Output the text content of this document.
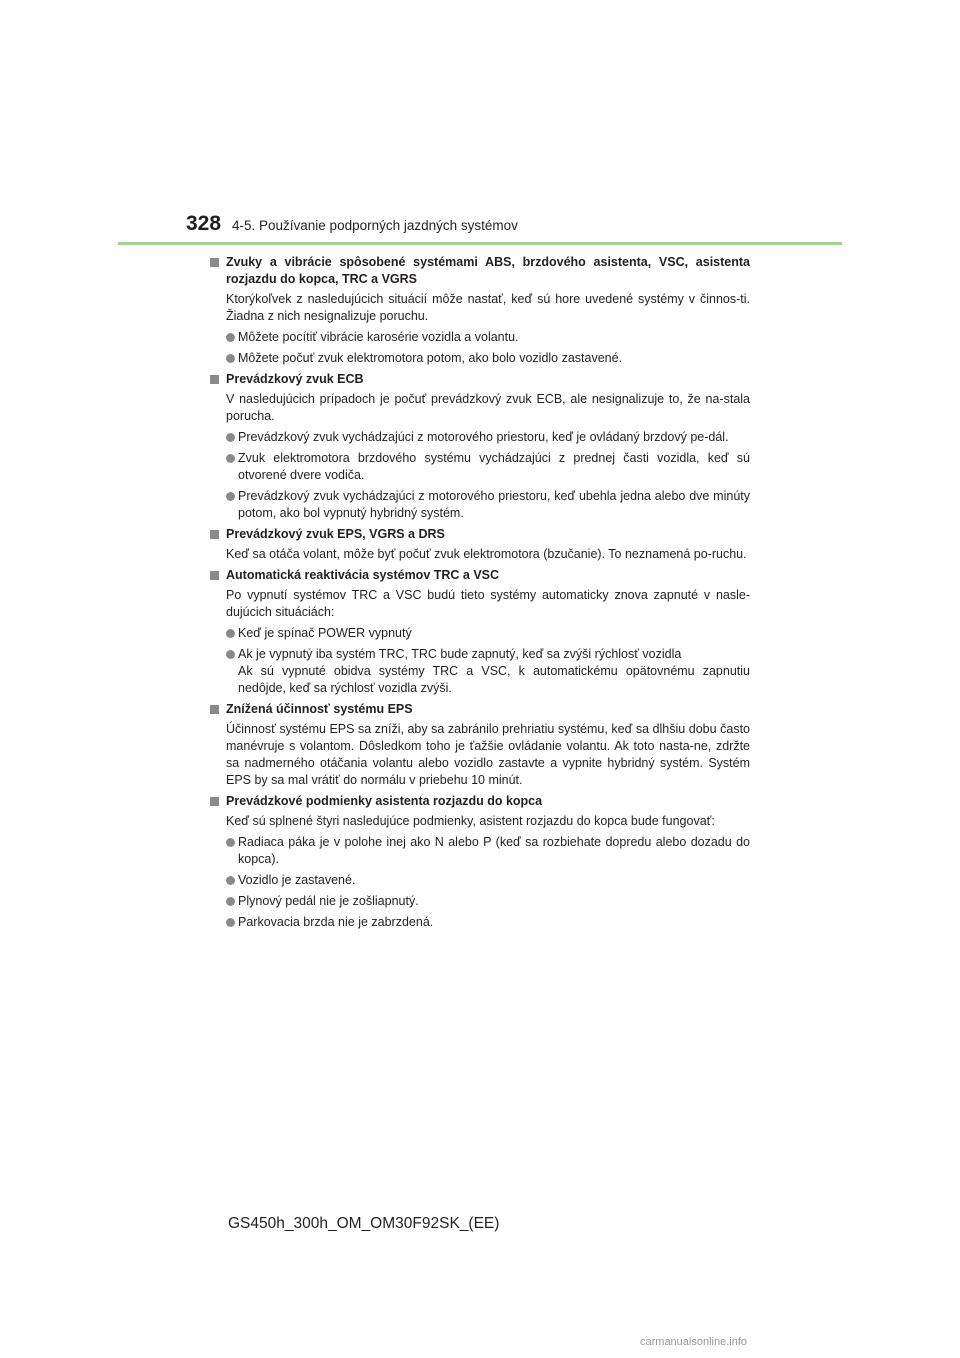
328 4-5. Používanie podporných jazdných systémov
Zvuky a vibrácie spôsobené systémami ABS, brzdového asistenta, VSC, asistenta rozjazdu do kopca, TRC a VGRS
Ktorýkoľvek z nasledujúcich situácií môže nastať, keď sú hore uvedené systémy v činnos-ti. Žiadna z nich nesignalizuje poruchu.
Môžete pocítiť vibrácie karosérie vozidla a volantu.
Môžete počuť zvuk elektromotora potom, ako bolo vozidlo zastavené.
Prevádzkový zvuk ECB
V nasledujúcich prípadoch je počuť prevádzkový zvuk ECB, ale nesignalizuje to, že na-stala porucha.
Prevádzkový zvuk vychádzajúci z motorového priestoru, keď je ovládaný brzdový pe-dál.
Zvuk elektromotora brzdového systému vychádzajúci z prednej časti vozidla, keď sú otvorené dvere vodiča.
Prevádzkový zvuk vychádzajúci z motorového priestoru, keď ubehla jedna alebo dve minúty potom, ako bol vypnutý hybridný systém.
Prevádzkový zvuk EPS, VGRS a DRS
Keď sa otáča volant, môže byť počuť zvuk elektromotora (bzučanie). To neznamená po-ruchu.
Automatická reaktivácia systémov TRC a VSC
Po vypnutí systémov TRC a VSC budú tieto systémy automaticky znova zapnuté v nasle-dujúcich situáciách:
Keď je spínač POWER vypnutý
Ak je vypnutý iba systém TRC, TRC bude zapnutý, keď sa zvýši rýchlosť vozidla
Ak sú vypnuté obidva systémy TRC a VSC, k automatickému opätovnému zapnutiu nedôjde, keď sa rýchlosť vozidla zvýši.
Znížená účinnosť systému EPS
Účinnosť systému EPS sa zníži, aby sa zabránilo prehriatiu systému, keď sa dlhšiu dobu často manévruje s volantom. Dôsledkom toho je ťažšie ovládanie volantu. Ak toto nasta-ne, zdržte sa nadmerného otáčania volantu alebo vozidlo zastavte a vypnite hybridný systém. Systém EPS by sa mal vrátiť do normálu v priebehu 10 minút.
Prevádzkové podmienky asistenta rozjazdu do kopca
Keď sú splnené štyri nasledujúce podmienky, asistent rozjazdu do kopca bude fungovať:
Radiaca páka je v polohe inej ako N alebo P (keď sa rozbiehate dopredu alebo dozadu do kopca).
Vozidlo je zastavené.
Plynový pedál nie je zošliapnutý.
Parkovacia brzda nie je zabrzdená.
GS450h_300h_OM_OM30F92SK_(EE)
carmanualsonline.info
